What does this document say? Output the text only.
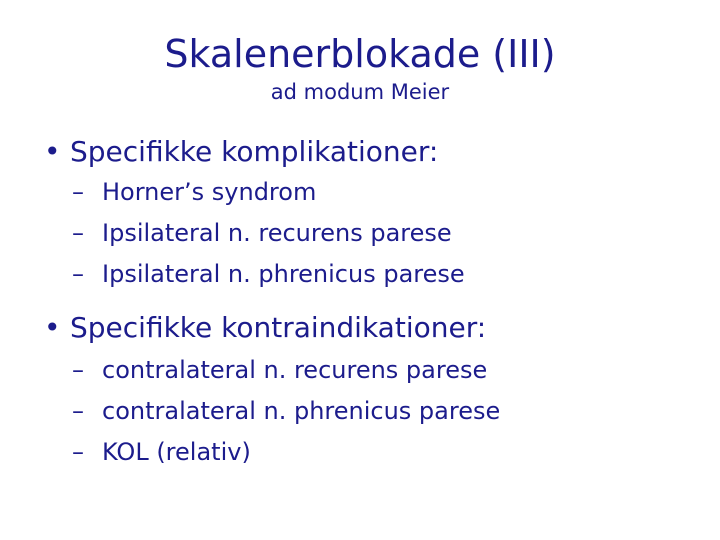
Skalenerblokade (III)
ad modum Meier
• Specifikke komplikationer:
– Horner’s syndrom
– Ipsilateral n. recurens parese
– Ipsilateral n. phrenicus parese
• Specifikke kontraindikationer:
– contralateral n. recurens parese
– contralateral n. phrenicus parese
– KOL (relativ)
